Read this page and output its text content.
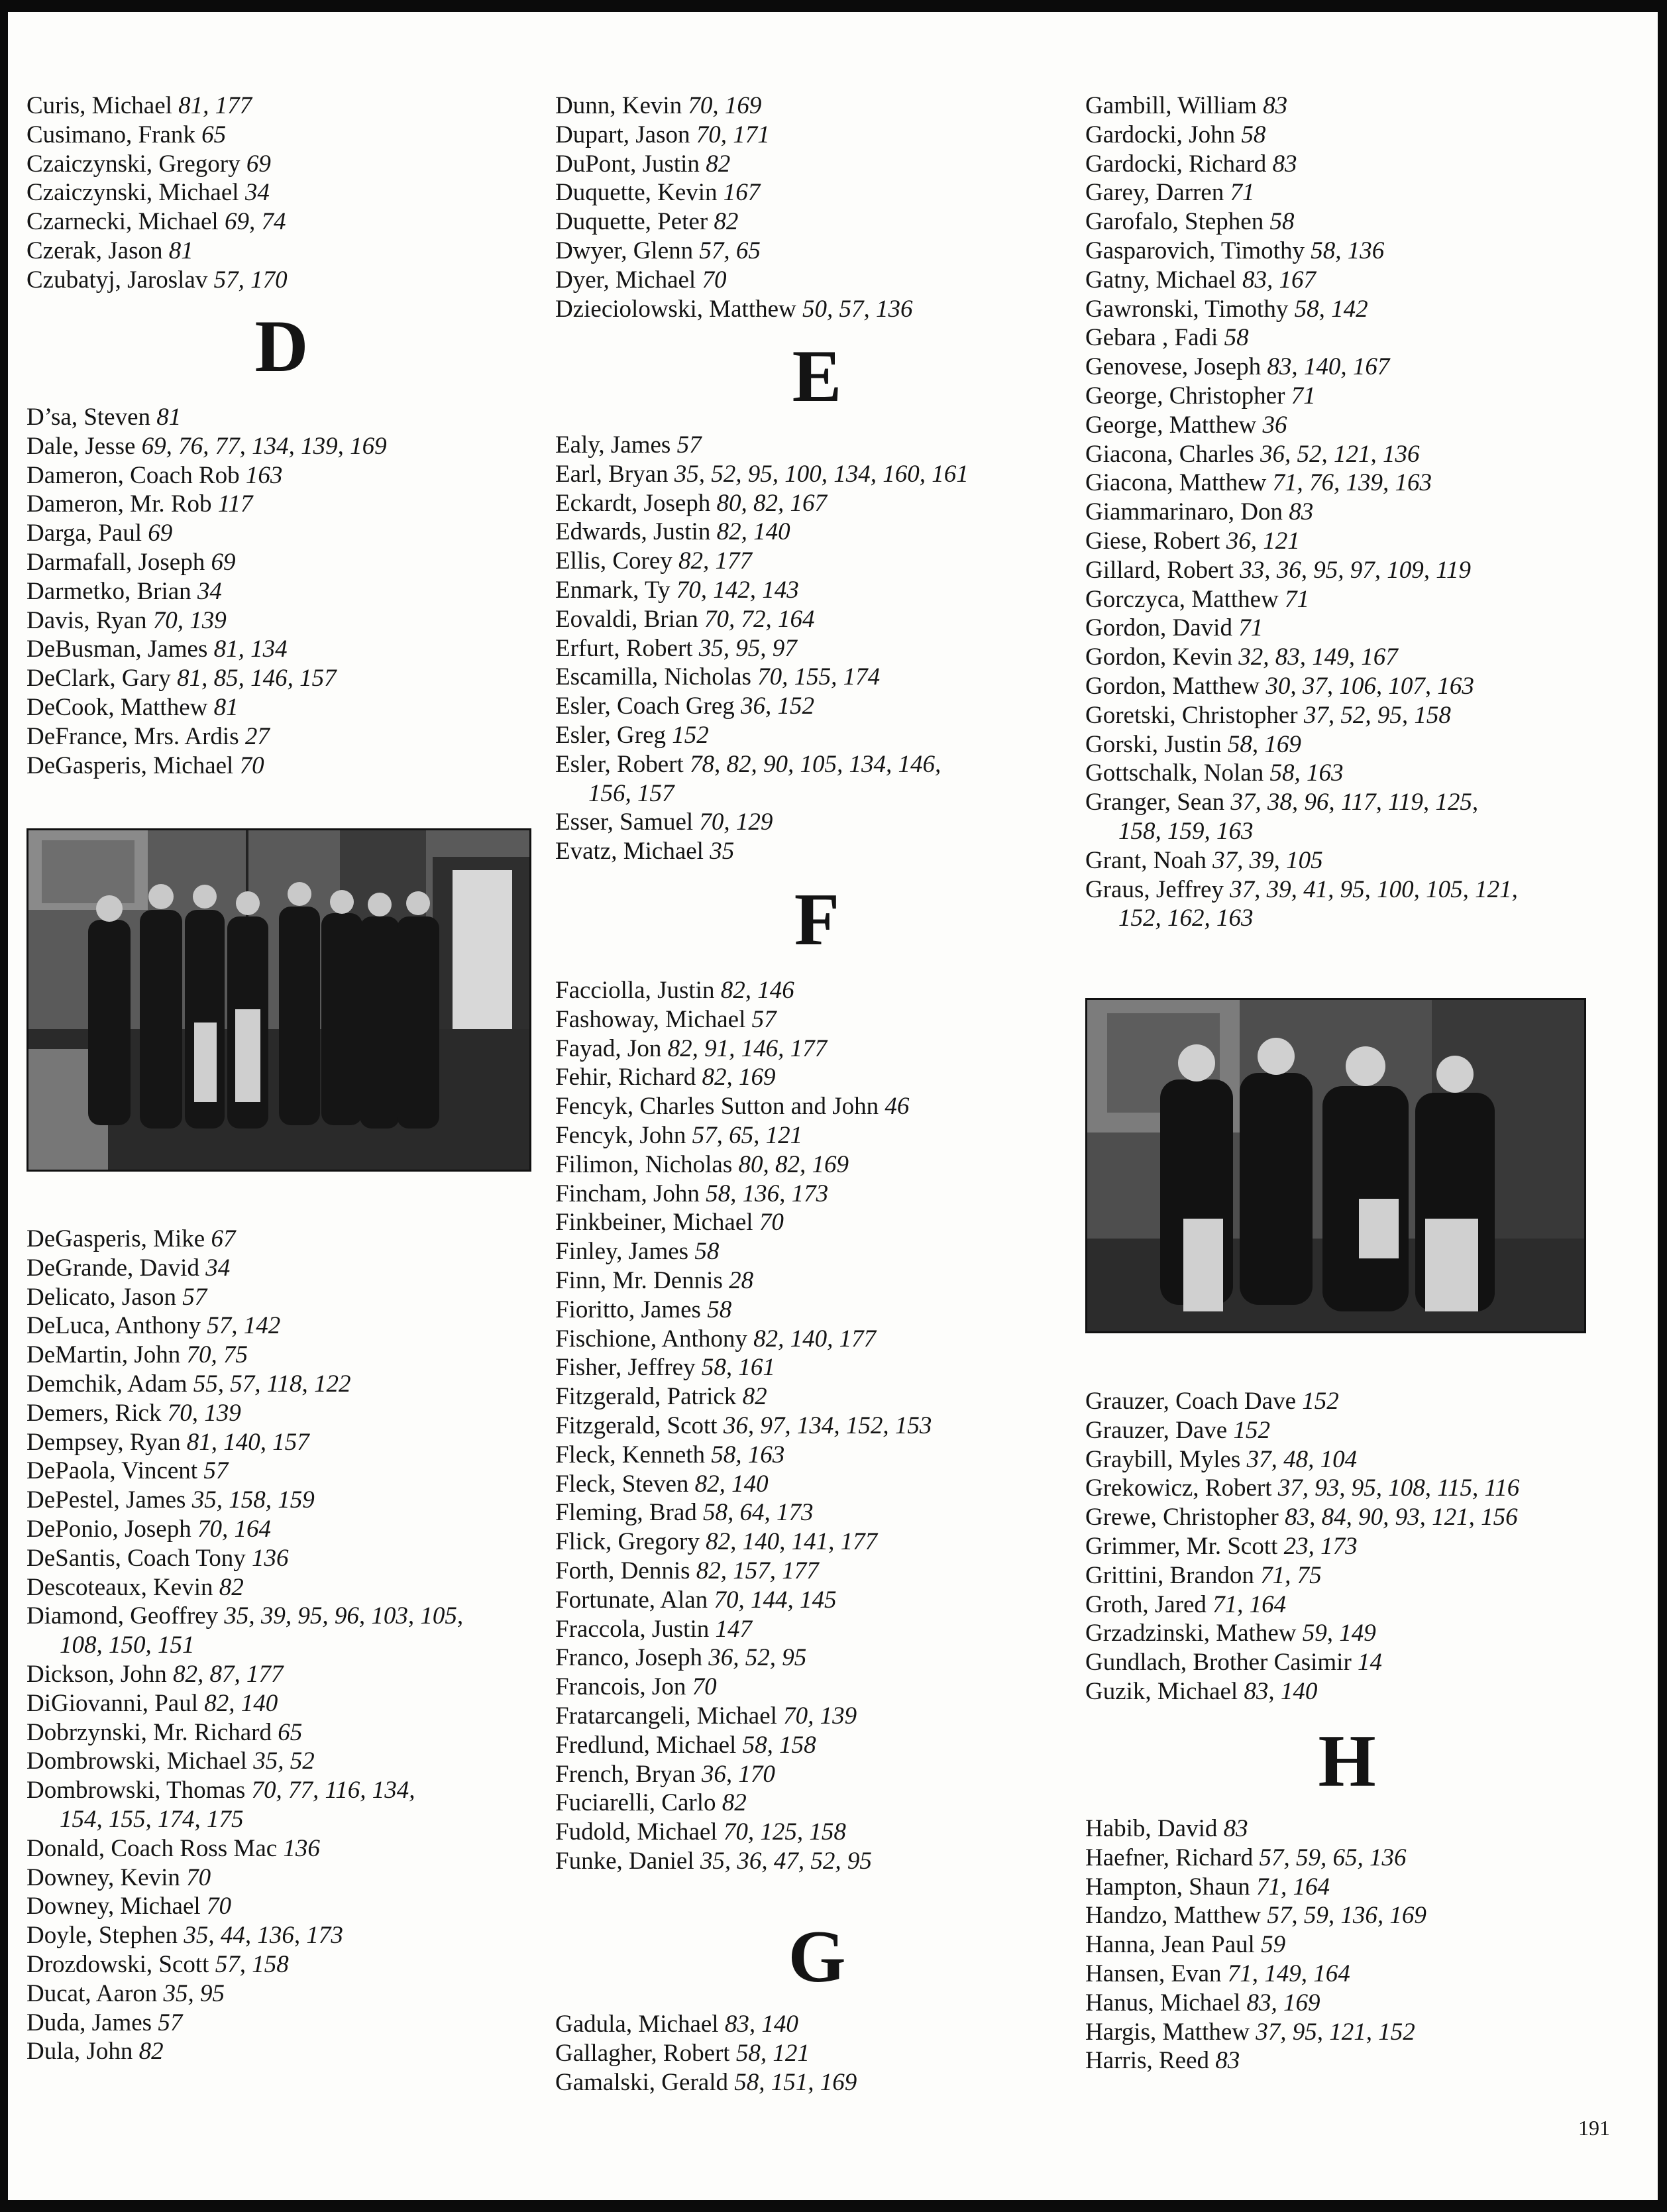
Curis, Michael 81, 177
Cusimano, Frank 65
Czaiczynski, Gregory 69
Czaiczynski, Michael 34
Czarnecki, Michael 69, 74
Czerak, Jason 81
Czubatyj, Jaroslav 57, 170
D
D’sa, Steven 81
Dale, Jesse 69, 76, 77, 134, 139, 169
Dameron, Coach Rob 163
Dameron, Mr. Rob 117
Darga, Paul 69
Darmafall, Joseph 69
Darmetko, Brian 34
Davis, Ryan 70, 139
DeBusman, James 81, 134
DeClark, Gary 81, 85, 146, 157
DeCook, Matthew 81
DeFrance, Mrs. Ardis 27
DeGasperis, Michael 70
DeGasperis, Mike 67
DeGrande, David 34
Delicato, Jason 57
DeLuca, Anthony 57, 142
DeMartin, John 70, 75
Demchik, Adam 55, 57, 118, 122
Demers, Rick 70, 139
Dempsey, Ryan 81, 140, 157
DePaola, Vincent 57
DePestel, James 35, 158, 159
DePonio, Joseph 70, 164
DeSantis, Coach Tony 136
Descoteaux, Kevin 82
Diamond, Geoffrey 35, 39, 95, 96, 103, 105,
108, 150, 151
Dickson, John 82, 87, 177
DiGiovanni, Paul 82, 140
Dobrzynski, Mr. Richard 65
Dombrowski, Michael 35, 52
Dombrowski, Thomas 70, 77, 116, 134,
154, 155, 174, 175
Donald, Coach Ross Mac 136
Downey, Kevin 70
Downey, Michael 70
Doyle, Stephen 35, 44, 136, 173
Drozdowski, Scott 57, 158
Ducat, Aaron 35, 95
Duda, James 57
Dula, John 82
Dunn, Kevin 70, 169
Dupart, Jason 70, 171
DuPont, Justin 82
Duquette, Kevin 167
Duquette, Peter 82
Dwyer, Glenn 57, 65
Dyer, Michael 70
Dzieciolowski, Matthew 50, 57, 136
E
Ealy, James 57
Earl, Bryan 35, 52, 95, 100, 134, 160, 161
Eckardt, Joseph 80, 82, 167
Edwards, Justin 82, 140
Ellis, Corey 82, 177
Enmark, Ty 70, 142, 143
Eovaldi, Brian 70, 72, 164
Erfurt, Robert 35, 95, 97
Escamilla, Nicholas 70, 155, 174
Esler, Coach Greg 36, 152
Esler, Greg 152
Esler, Robert 78, 82, 90, 105, 134, 146,
156, 157
Esser, Samuel 70, 129
Evatz, Michael 35
F
Facciolla, Justin 82, 146
Fashoway, Michael 57
Fayad, Jon 82, 91, 146, 177
Fehir, Richard 82, 169
Fencyk, Charles Sutton and John 46
Fencyk, John 57, 65, 121
Filimon, Nicholas 80, 82, 169
Fincham, John 58, 136, 173
Finkbeiner, Michael 70
Finley, James 58
Finn, Mr. Dennis 28
Fioritto, James 58
Fischione, Anthony 82, 140, 177
Fisher, Jeffrey 58, 161
Fitzgerald, Patrick 82
Fitzgerald, Scott 36, 97, 134, 152, 153
Fleck, Kenneth 58, 163
Fleck, Steven 82, 140
Fleming, Brad 58, 64, 173
Flick, Gregory 82, 140, 141, 177
Forth, Dennis 82, 157, 177
Fortunate, Alan 70, 144, 145
Fraccola, Justin 147
Franco, Joseph 36, 52, 95
Francois, Jon 70
Fratarcangeli, Michael 70, 139
Fredlund, Michael 58, 158
French, Bryan 36, 170
Fuciarelli, Carlo 82
Fudold, Michael 70, 125, 158
Funke, Daniel 35, 36, 47, 52, 95
G
Gadula, Michael 83, 140
Gallagher, Robert 58, 121
Gamalski, Gerald 58, 151, 169
Gambill, William 83
Gardocki, John 58
Gardocki, Richard 83
Garey, Darren 71
Garofalo, Stephen 58
Gasparovich, Timothy 58, 136
Gatny, Michael 83, 167
Gawronski, Timothy 58, 142
Gebara , Fadi 58
Genovese, Joseph 83, 140, 167
George, Christopher 71
George, Matthew 36
Giacona, Charles 36, 52, 121, 136
Giacona, Matthew 71, 76, 139, 163
Giammarinaro, Don 83
Giese, Robert 36, 121
Gillard, Robert 33, 36, 95, 97, 109, 119
Gorczyca, Matthew 71
Gordon, David 71
Gordon, Kevin 32, 83, 149, 167
Gordon, Matthew 30, 37, 106, 107, 163
Goretski, Christopher 37, 52, 95, 158
Gorski, Justin 58, 169
Gottschalk, Nolan 58, 163
Granger, Sean 37, 38, 96, 117, 119, 125,
158, 159, 163
Grant, Noah 37, 39, 105
Graus, Jeffrey 37, 39, 41, 95, 100, 105, 121,
152, 162, 163
Grauzer, Coach Dave 152
Grauzer, Dave 152
Graybill, Myles 37, 48, 104
Grekowicz, Robert 37, 93, 95, 108, 115, 116
Grewe, Christopher 83, 84, 90, 93, 121, 156
Grimmer, Mr. Scott 23, 173
Grittini, Brandon 71, 75
Groth, Jared 71, 164
Grzadzinski, Mathew 59, 149
Gundlach, Brother Casimir 14
Guzik, Michael 83, 140
H
Habib, David 83
Haefner, Richard 57, 59, 65, 136
Hampton, Shaun 71, 164
Handzo, Matthew 57, 59, 136, 169
Hanna, Jean Paul 59
Hansen, Evan 71, 149, 164
Hanus, Michael 83, 169
Hargis, Matthew 37, 95, 121, 152
Harris, Reed 83
191
